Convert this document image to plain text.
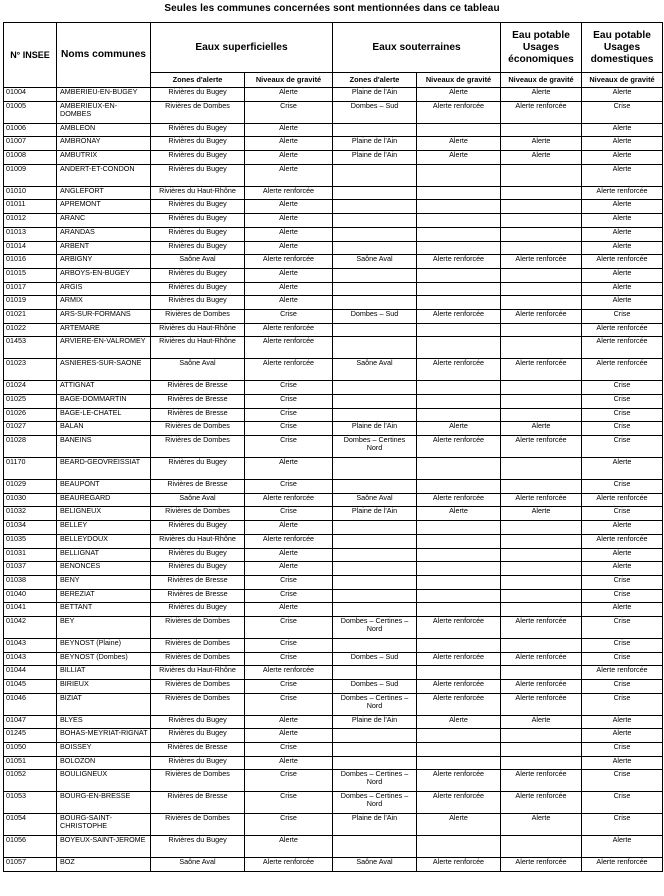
Seules les communes concernées sont mentionnées dans ce tableau
N° INSEE	Noms communes	Eaux superficielles		Eaux souterraines		Eau potable Usages économiques	Eau potable Usages domestiques
		Zones d'alerte	Niveaux de gravité	Zones d'alerte	Niveaux de gravité	Niveaux de gravité	Niveaux de gravité
01004	AMBERIEU-EN-BUGEY	Rivières du Bugey	Alerte	Plaine de l'Ain	Alerte	Alerte	Alerte
01005	AMBERIEUX-EN-DOMBES	Rivières de Dombes	Crise	Dombes – Sud	Alerte renforcée	Alerte renforcée	Crise
01006	AMBLEON	Rivières du Bugey	Alerte				Alerte
01007	AMBRONAY	Rivières du Bugey	Alerte	Plaine de l'Ain	Alerte	Alerte	Alerte
01008	AMBUTRIX	Rivières du Bugey	Alerte	Plaine de l'Ain	Alerte	Alerte	Alerte
01009	ANDERT-ET-CONDON	Rivières du Bugey	Alerte				Alerte
01010	ANGLEFORT	Rivières du Haut-Rhône	Alerte renforcée				Alerte renforcée
01011	APREMONT	Rivières du Bugey	Alerte				Alerte
01012	ARANC	Rivières du Bugey	Alerte				Alerte
01013	ARANDAS	Rivières du Bugey	Alerte				Alerte
01014	ARBENT	Rivières du Bugey	Alerte				Alerte
01016	ARBIGNY	Saône Aval	Alerte renforcée	Saône Aval	Alerte renforcée	Alerte renforcée	Alerte renforcée
01015	ARBOYS-EN-BUGEY	Rivières du Bugey	Alerte				Alerte
01017	ARGIS	Rivières du Bugey	Alerte				Alerte
01019	ARMIX	Rivières du Bugey	Alerte				Alerte
01021	ARS-SUR-FORMANS	Rivières de Dombes	Crise	Dombes – Sud	Alerte renforcée	Alerte renforcée	Crise
01022	ARTEMARE	Rivières du Haut-Rhône	Alerte renforcée				Alerte renforcée
01453	ARVIERE-EN-VALROMEY	Rivières du Haut-Rhône	Alerte renforcée				Alerte renforcée
01023	ASNIERES-SUR-SAONE	Saône Aval	Alerte renforcée	Saône Aval	Alerte renforcée	Alerte renforcée	Alerte renforcée
01024	ATTIGNAT	Rivières de Bresse	Crise				Crise
01025	BAGE-DOMMARTIN	Rivières de Bresse	Crise				Crise
01026	BAGE-LE-CHATEL	Rivières de Bresse	Crise				Crise
01027	BALAN	Rivières de Dombes	Crise	Plaine de l'Ain	Alerte	Alerte	Crise
01028	BANEINS	Rivières de Dombes	Crise	Dombes – Certines Nord	Alerte renforcée	Alerte renforcée	Crise
01170	BEARD-GEOVREISSIAT	Rivières du Bugey	Alerte				Alerte
01029	BEAUPONT	Rivières de Bresse	Crise				Crise
01030	BEAUREGARD	Saône Aval	Alerte renforcée	Saône Aval	Alerte renforcée	Alerte renforcée	Alerte renforcée
01032	BELIGNEUX	Rivières de Dombes	Crise	Plaine de l'Ain	Alerte	Alerte	Crise
01034	BELLEY	Rivières du Bugey	Alerte				Alerte
01035	BELLEYDOUX	Rivières du Haut-Rhône	Alerte renforcée				Alerte renforcée
01031	BELLIGNAT	Rivières du Bugey	Alerte				Alerte
01037	BENONCES	Rivières du Bugey	Alerte				Alerte
01038	BENY	Rivières de Bresse	Crise				Crise
01040	BEREZIAT	Rivières de Bresse	Crise				Crise
01041	BETTANT	Rivières du Bugey	Alerte				Alerte
01042	BEY	Rivières de Dombes	Crise	Dombes – Certines – Nord	Alerte renforcée	Alerte renforcée	Crise
01043	BEYNOST (Plaine)	Rivières de Dombes	Crise				Crise
01043	BEYNOST (Dombes)	Rivières de Dombes	Crise	Dombes – Sud	Alerte renforcée	Alerte renforcée	Crise
01044	BILLIAT	Rivières du Haut-Rhône	Alerte renforcée				Alerte renforcée
01045	BIRIEUX	Rivières de Dombes	Crise	Dombes – Sud	Alerte renforcée	Alerte renforcée	Crise
01046	BIZIAT	Rivières de Dombes	Crise	Dombes – Certines – Nord	Alerte renforcée	Alerte renforcée	Crise
01047	BLYES	Rivières du Bugey	Alerte	Plaine de l'Ain	Alerte	Alerte	Alerte
01245	BOHAS-MEYRIAT-RIGNAT	Rivières du Bugey	Alerte				Alerte
01050	BOISSEY	Rivières de Bresse	Crise				Crise
01051	BOLOZON	Rivières du Bugey	Alerte				Alerte
01052	BOULIGNEUX	Rivières de Dombes	Crise	Dombes – Certines – Nord	Alerte renforcée	Alerte renforcée	Crise
01053	BOURG-EN-BRESSE	Rivières de Bresse	Crise	Dombes – Certines – Nord	Alerte renforcée	Alerte renforcée	Crise
01054	BOURG-SAINT-CHRISTOPHE	Rivières de Dombes	Crise	Plaine de l'Ain	Alerte	Alerte	Crise
01056	BOYEUX-SAINT-JEROME	Rivières du Bugey	Alerte				Alerte
01057	BOZ	Saône Aval	Alerte renforcée	Saône Aval	Alerte renforcée	Alerte renforcée	Alerte renforcée
